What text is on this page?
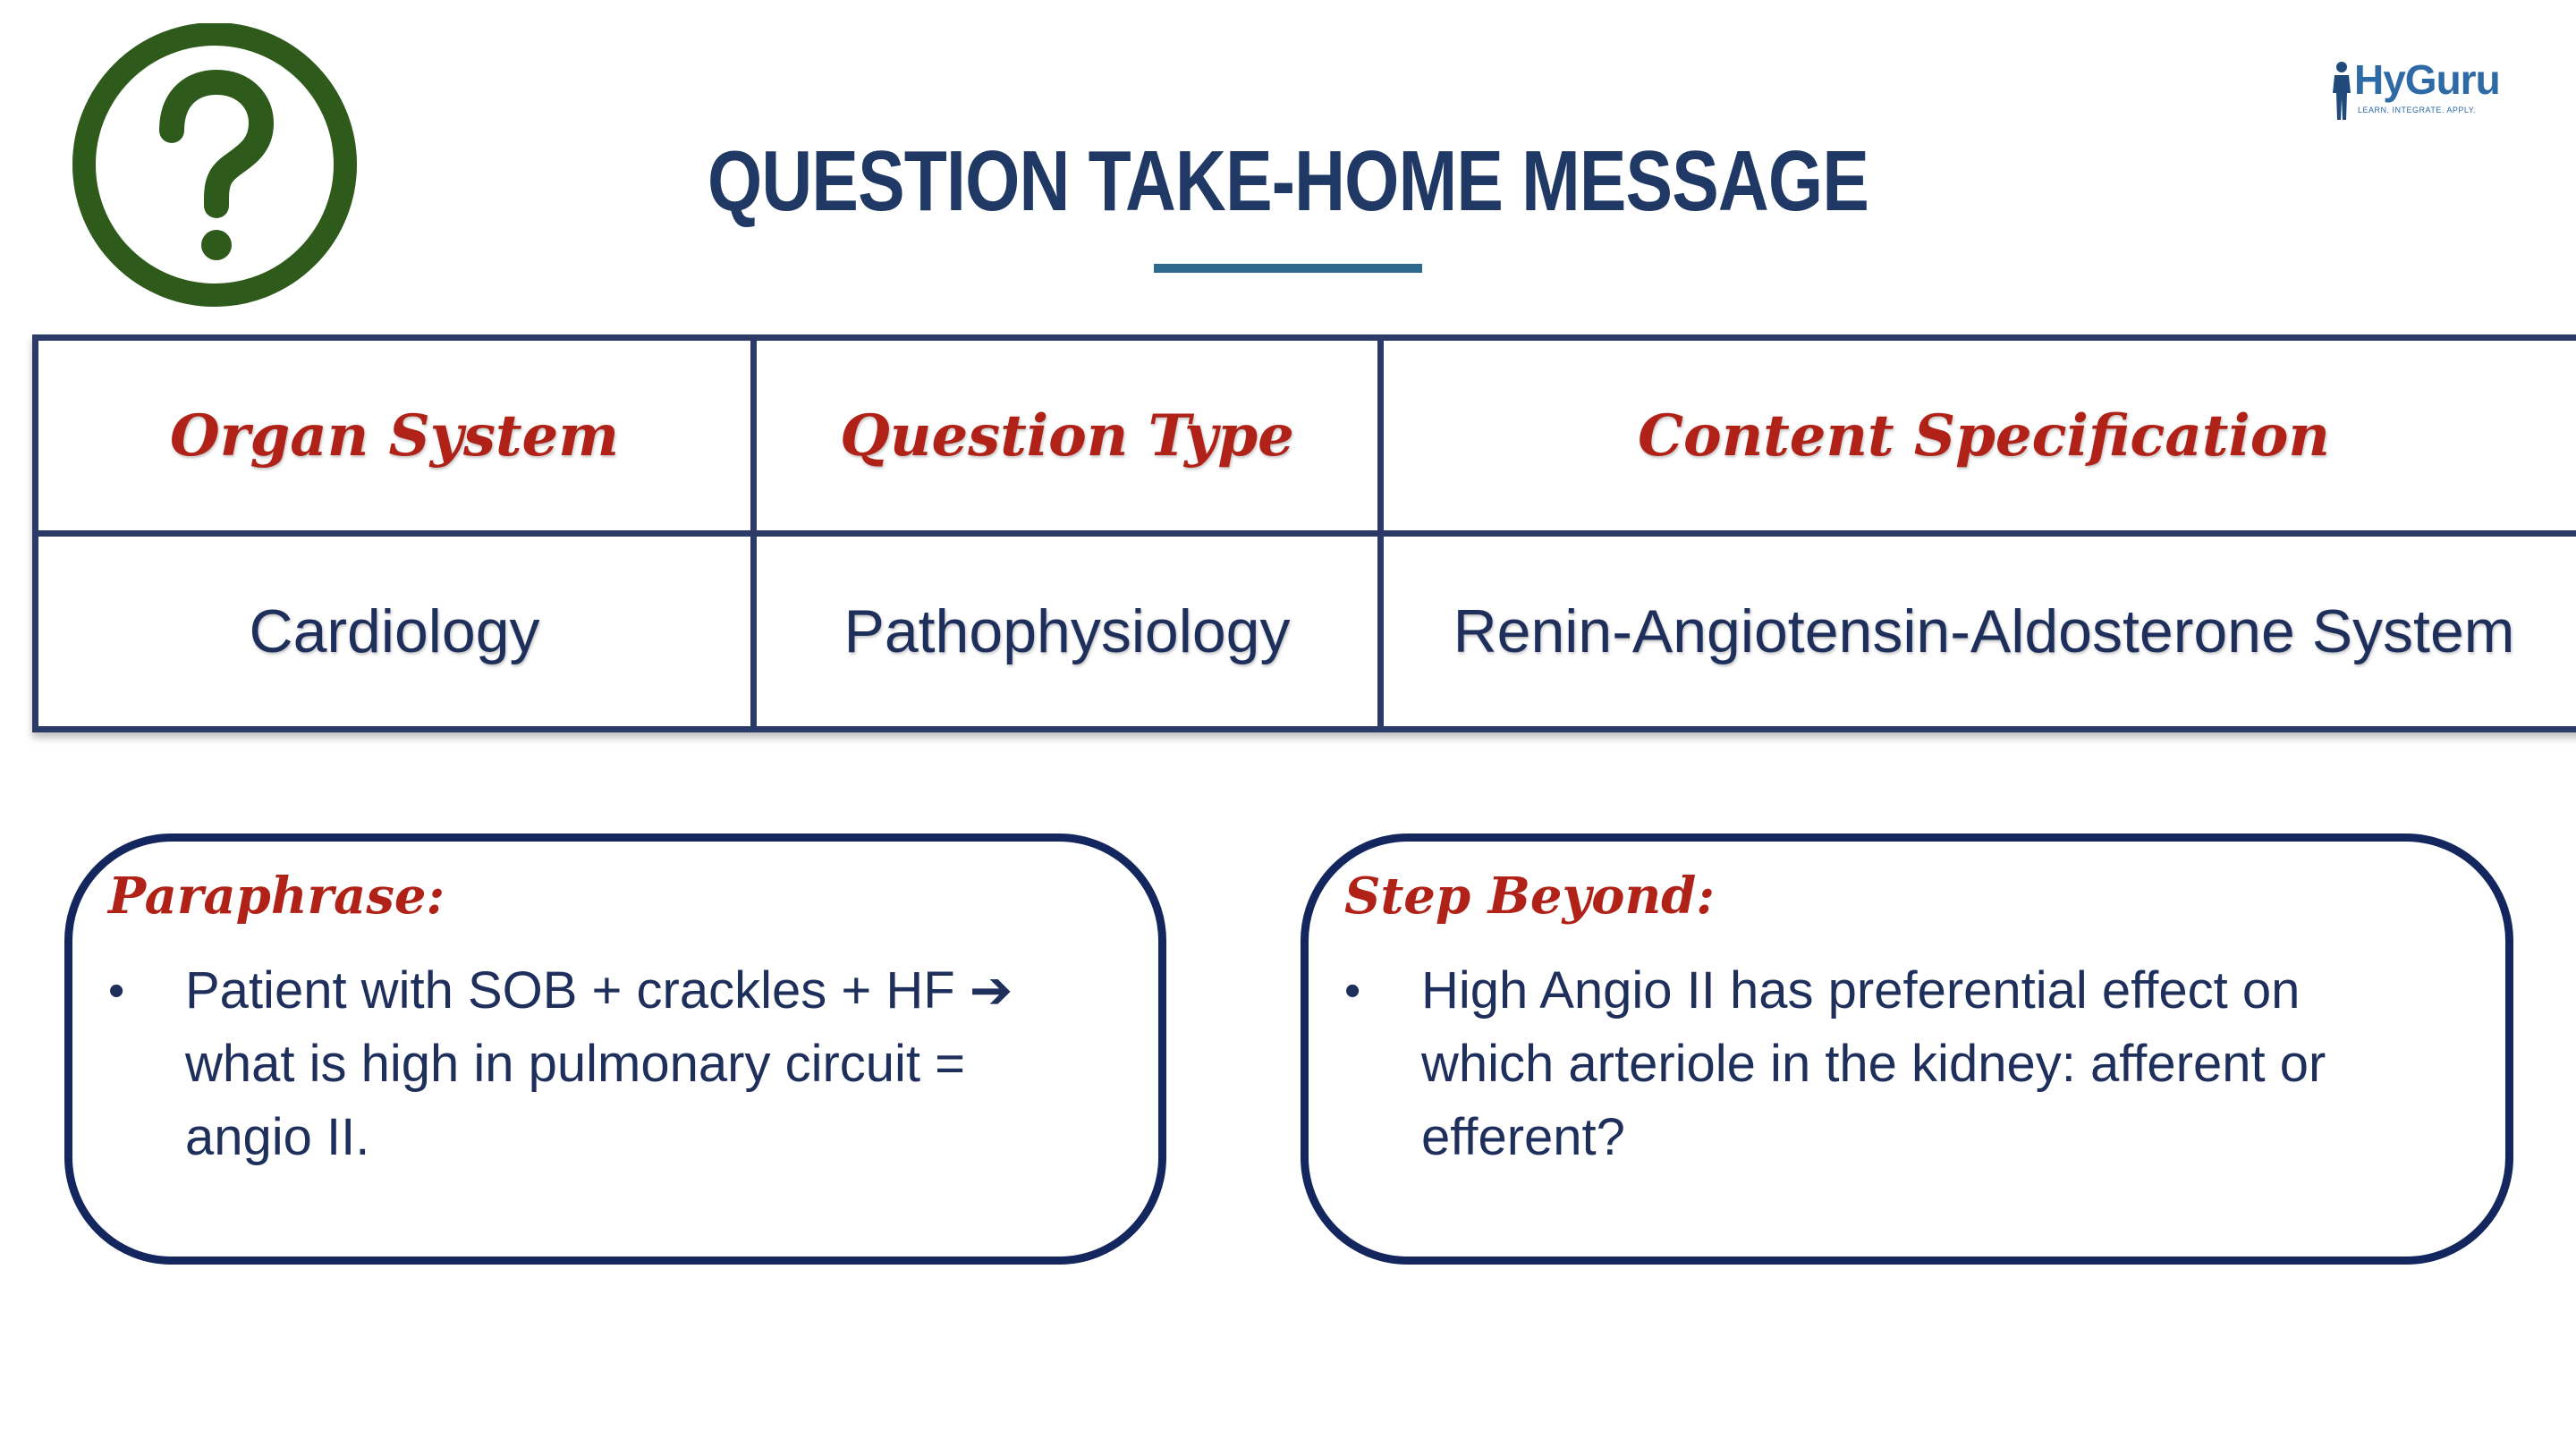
HyGuru
LEARN. INTEGRATE. APPLY.
QUESTION TAKE-HOME MESSAGE
Organ System	Question Type	Content Specification
Cardiology	Pathophysiology	Renin-Angiotensin-Aldosterone System
Paraphrase:
• Patient with SOB + crackles + HF ➔ what is high in pulmonary circuit = angio II.
Step Beyond:
• High Angio II has preferential effect on which arteriole in the kidney: afferent or efferent?
